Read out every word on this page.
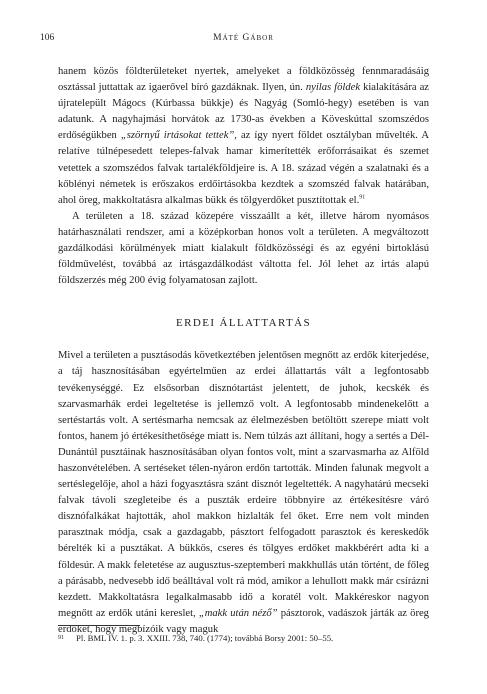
106	Máté Gábor

hanem közös földterületeket nyertek, amelyeket a földközösség fennmaradásáig osztással juttattak az igaerővel bíró gazdáknak. Ilyen, ún. nyilas földek kialakítására az újratelepült Mágocs (Kúrbassa bükkje) és Nagyág (Somló-hegy) esetében is van adatunk. A nagyhajmási horvátok az 1730-as években a Köveskúttal szomszédos erdőségükben „szörnyű irtásokat tettek”, az így nyert földet osztályban művelték. A relatíve túlnépesedett telepes-falvak hamar kimerítették erőforrásaikat és szemet vetettek a szomszédos falvak tartalékföldjeire is. A 18. század végén a szalatnaki és a kőblényi németek is erőszakos erdőirtásokba kezdtek a szomszéd falvak határában, ahol öreg, makkoltatásra alkalmas bükk és tölgyerdőket pusztítottak el.$^{91}$

A területen a 18. század közepére visszaállt a két, illetve három nyomásos határhasználati rendszer, ami a középkorban honos volt a területen. A megváltozott gazdálkodási körülmények miatt kialakult földközösségi és az egyéni birtoklású földművelést, továbbá az irtásgazdálkodást váltotta fel. Jól lehet az irtás alapú földszerzés még 200 évig folyamatosan zajlott.

ERDEI ÁLLATTARTÁS

Mivel a területen a pusztásodás következtében jelentősen megnőtt az erdők kiterjedése, a táj hasznosításában egyértelműen az erdei állattartás vált a legfontosabb tevékenységgé. Ez elsősorban disznótartást jelentett, de juhok, kecskék és szarvasmarhák erdei legeltetése is jellemző volt. A legfontosabb mindenekelőtt a sertéstartás volt. A sertésmarha nemcsak az élelmezésben betöltött szerepe miatt volt fontos, hanem jó értékesíthetősége miatt is. Nem túlzás azt állítani, hogy a sertés a Dél-Dunántúl pusztáinak hasznosításában olyan fontos volt, mint a szarvasmarha az Alföld haszonvételében. A sertéseket télen-nyáron erdőn tartották. Minden falunak megvolt a sertéslegelője, ahol a házi fogyasztásra szánt disznót legeltették. A nagyhatárú mecseki falvak távoli szegleteibe és a puszták erdeire többnyire az értékesítésre váró disznófalkákat hajtották, ahol makkon hizlalták fel őket. Erre nem volt minden parasztnak módja, csak a gazdagabb, pásztort felfogadott parasztok és kereskedők bérelték ki a pusztákat. A bükkös, cseres és tölgyes erdőket makkbérért adta ki a földesúr. A makk feletetése az augusztus-szeptemberi makkhullás után történt, de főleg a párásabb, nedvesebb idő beálltával volt rá mód, amikor a lehullott makk már csírázni kezdett. Makkoltatásra legalkalmasabb idő a koratél volt. Makkéreskor nagyon megnőtt az erdők utáni kereslet, „makk után néző” pásztorok, vadászok járták az öreg erdőket, hogy megbízóik vagy maguk

91 Pl. BML IV. 1. p. 3. XXIII. 738, 740. (1774); továbbá Borsy 2001: 50–55.
